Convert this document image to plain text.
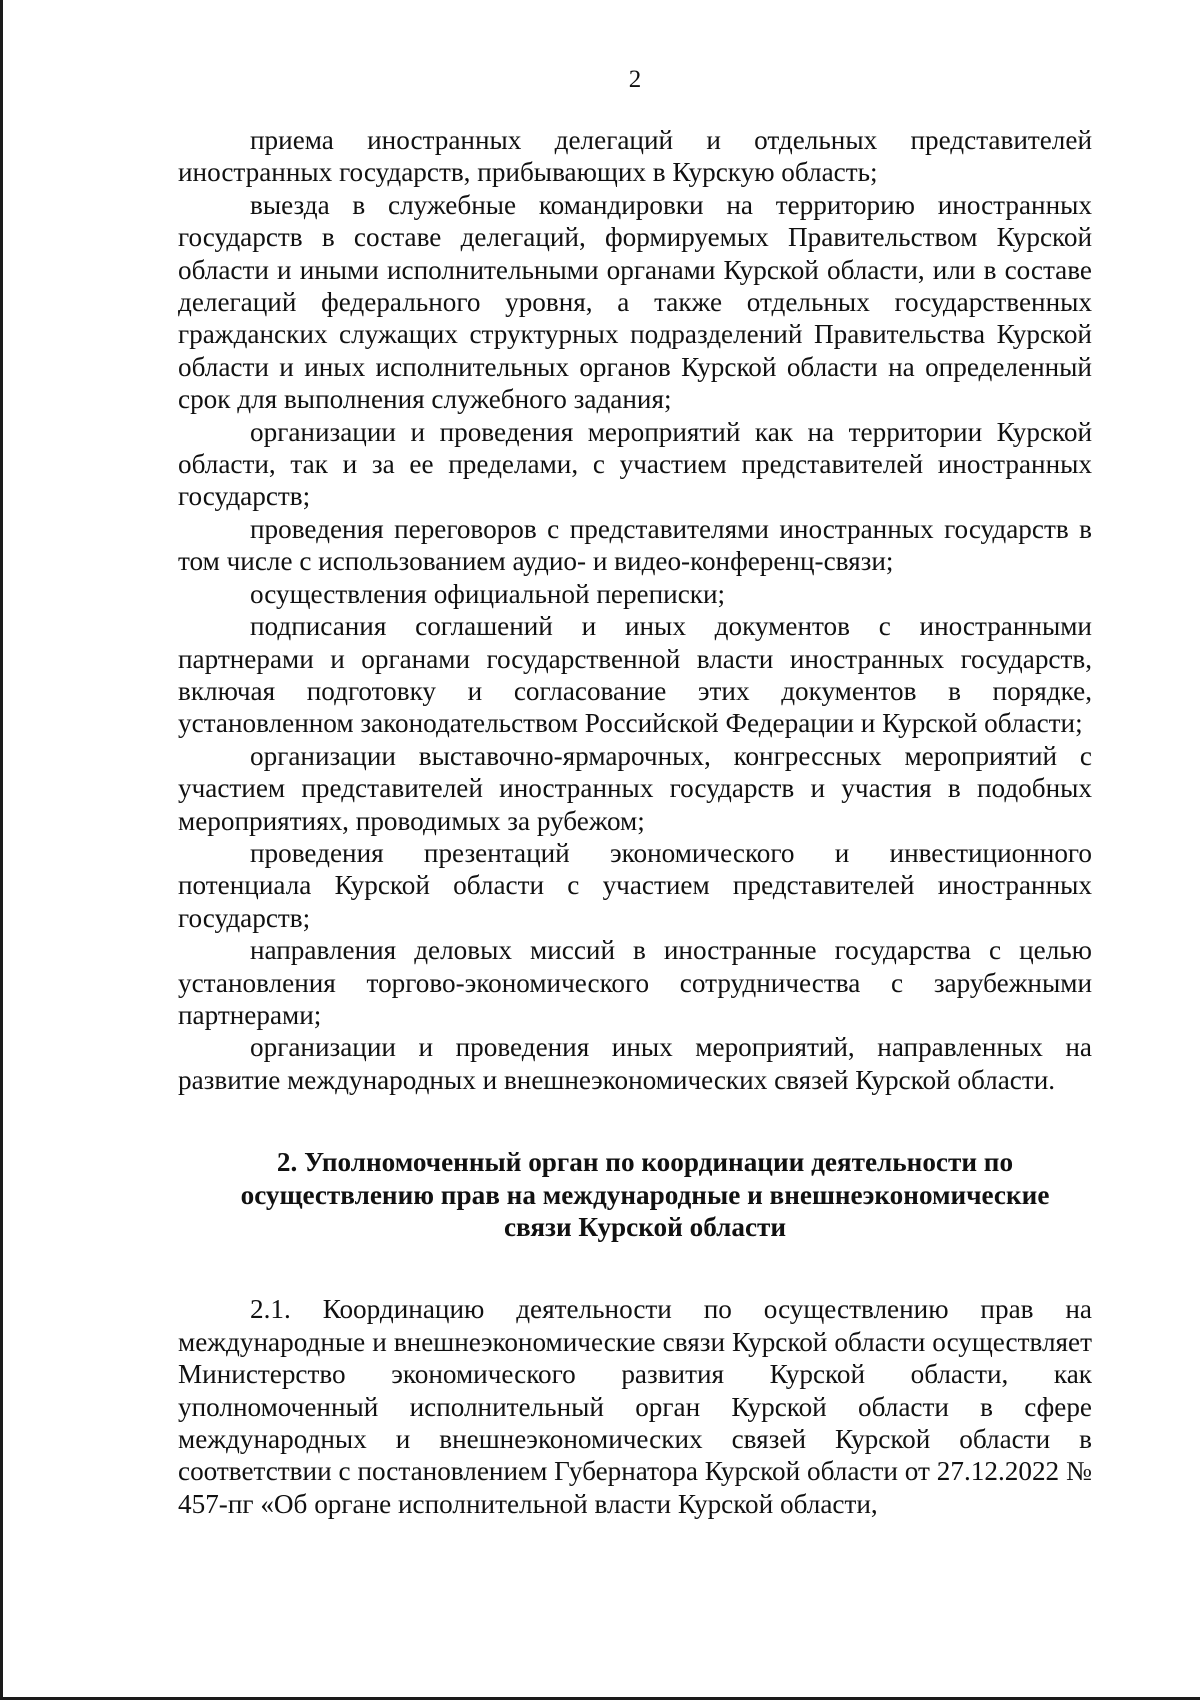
2

приема иностранных делегаций и отдельных представителей иностранных государств, прибывающих в Курскую область;

выезда в служебные командировки на территорию иностранных государств в составе делегаций, формируемых Правительством Курской области и иными исполнительными органами Курской области, или в составе делегаций федерального уровня, а также отдельных государственных гражданских служащих структурных подразделений Правительства Курской области и иных исполнительных органов Курской области на определенный срок для выполнения служебного задания;

организации и проведения мероприятий как на территории Курской области, так и за ее пределами, с участием представителей иностранных государств;

проведения переговоров с представителями иностранных государств в том числе с использованием аудио- и видео-конференц-связи;

осуществления официальной переписки;

подписания соглашений и иных документов с иностранными партнерами и органами государственной власти иностранных государств, включая подготовку и согласование этих документов в порядке, установленном законодательством Российской Федерации и Курской области;

организации выставочно-ярмарочных, конгрессных мероприятий с участием представителей иностранных государств и участия в подобных мероприятиях, проводимых за рубежом;

проведения презентаций экономического и инвестиционного потенциала Курской области с участием представителей иностранных государств;

направления деловых миссий в иностранные государства с целью установления торгово-экономического сотрудничества с зарубежными партнерами;

организации и проведения иных мероприятий, направленных на развитие международных и внешнеэкономических связей Курской области.

2. Уполномоченный орган по координации деятельности по осуществлению прав на международные и внешнеэкономические связи Курской области

2.1. Координацию деятельности по осуществлению прав на международные и внешнеэкономические связи Курской области осуществляет Министерство экономического развития Курской области, как уполномоченный исполнительный орган Курской области в сфере международных и внешнеэкономических связей Курской области в соответствии с постановлением Губернатора Курской области от 27.12.2022 № 457-пг «Об органе исполнительной власти Курской области,
